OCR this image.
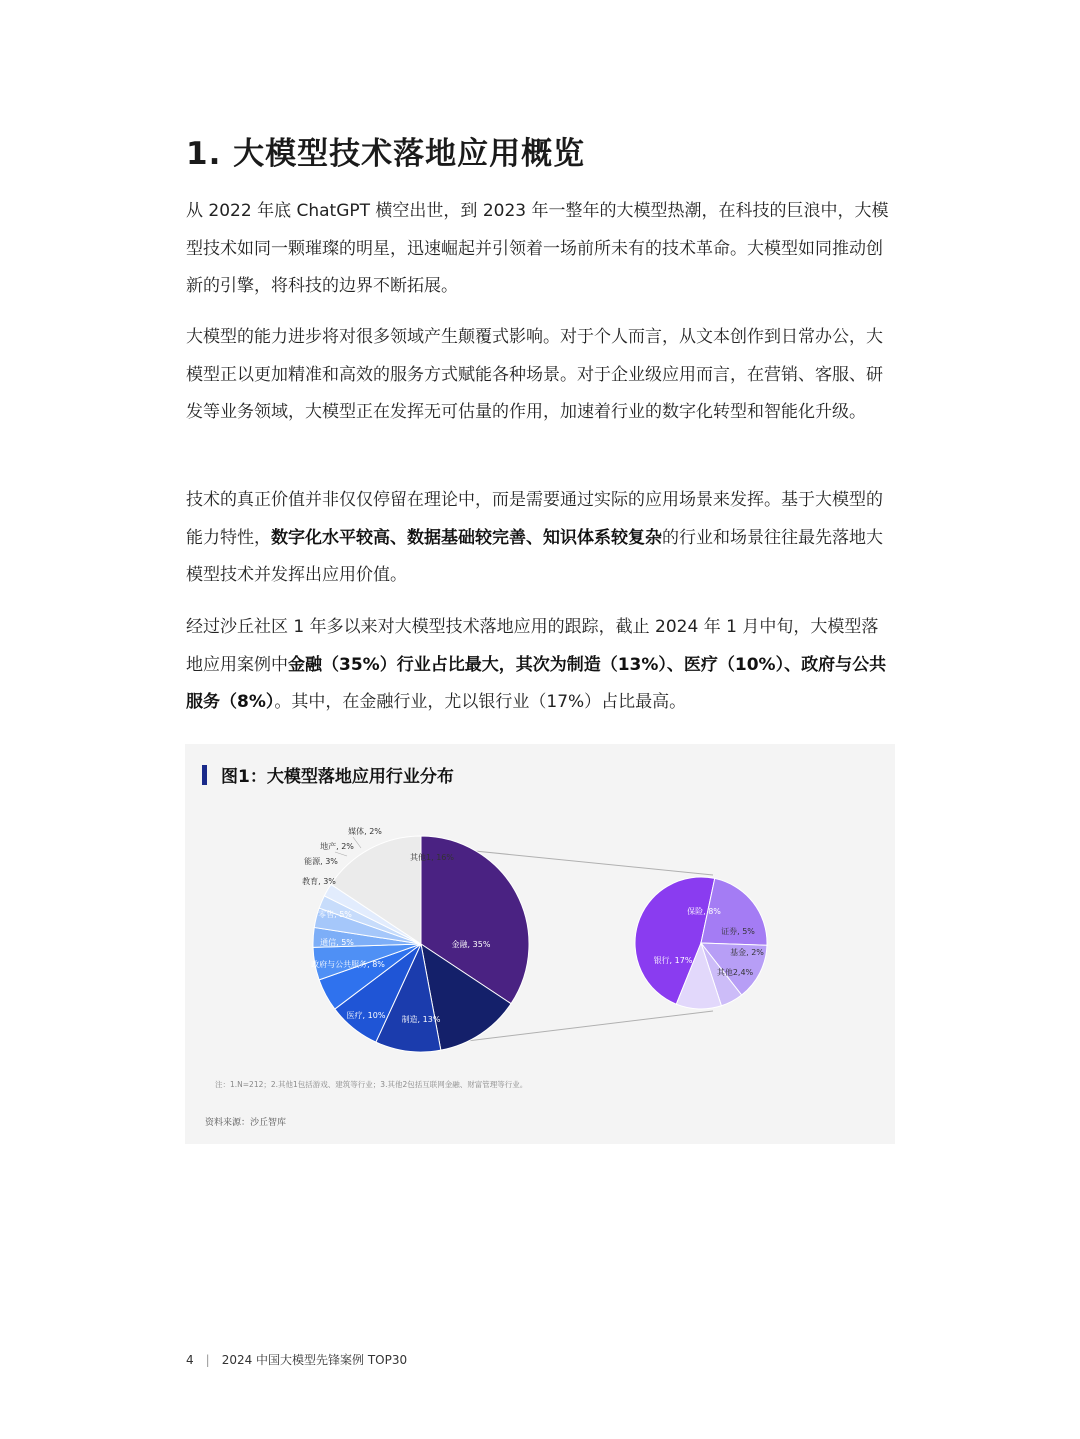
1. 大模型技术落地应用概览

从 2022 年底 ChatGPT 横空出世，到 2023 年一整年的大模型热潮，在科技的巨浪中，大模型技术如同一颗璀璨的明星，迅速崛起并引领着一场前所未有的技术革命。大模型如同推动创新的引擎，将科技的边界不断拓展。

大模型的能力进步将对很多领域产生颠覆式影响。对于个人而言，从文本创作到日常办公，大模型正以更加精准和高效的服务方式赋能各种场景。对于企业级应用而言，在营销、客服、研发等业务领域，大模型正在发挥无可估量的作用，加速着行业的数字化转型和智能化升级。

技术的真正价值并非仅仅停留在理论中，而是需要通过实际的应用场景来发挥。基于大模型的能力特性，数字化水平较高、数据基础较完善、知识体系较复杂的行业和场景往往最先落地大模型技术并发挥出应用价值。

经过沙丘社区 1 年多以来对大模型技术落地应用的跟踪，截止 2024 年 1 月中旬，大模型落地应用案例中金融（35%）行业占比最大，其次为制造（13%）、医疗（10%）、政府与公共服务（8%）。其中，在金融行业，尤以银行业（17%）占比最高。

图1：大模型落地应用行业分布
金融, 35%
制造, 13%
医疗, 10%
政府与公共服务, 8%
通信, 5%
零售, 5%
教育, 3%
能源, 3%
地产, 2%
媒体, 2%
其他1, 16%
银行, 17%
保险, 8%
证券, 5%
基金, 2%
其他2,4%
注：1.N=212；2.其他1包括游戏、建筑等行业；3.其他2包括互联网金融、财富管理等行业。
资料来源：沙丘智库
4 | 2024 中国大模型先锋案例 TOP30
